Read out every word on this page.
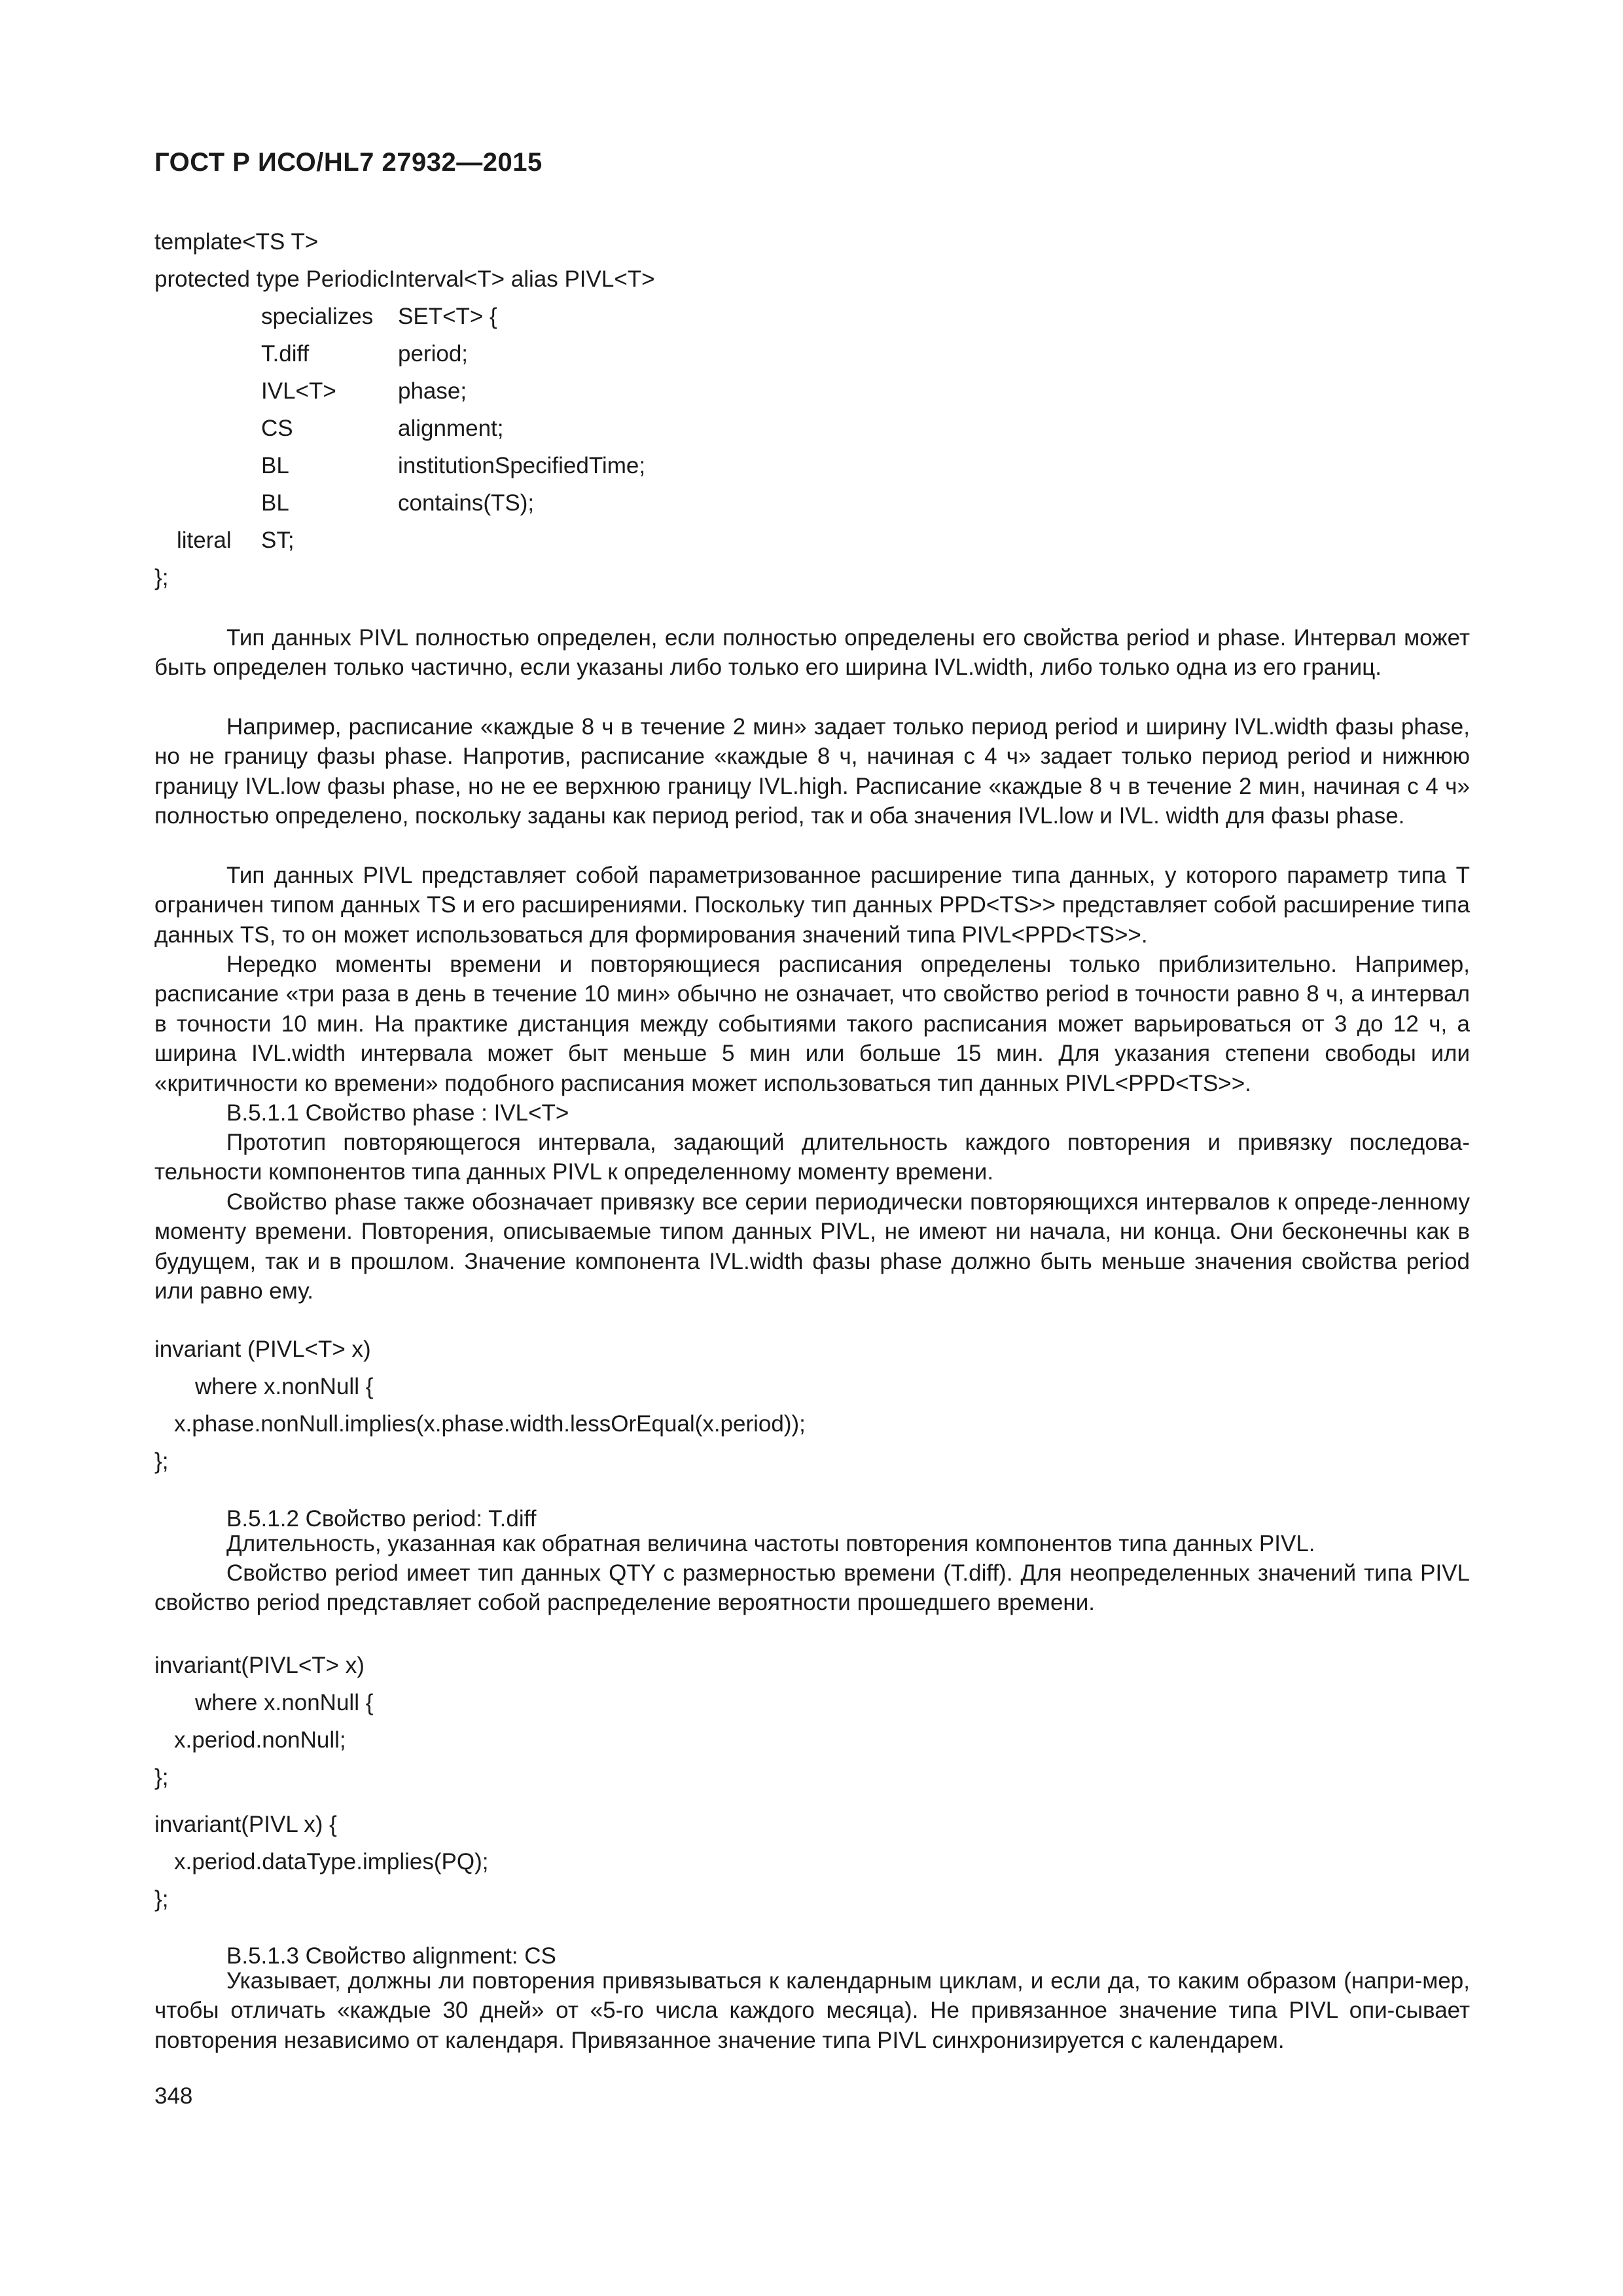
ГОСТ Р ИСО/HL7 27932—2015
template<TS T>
protected type PeriodicInterval<T> alias PIVL<T>
specializes SET<T> {
T.diff	period;
IVL<T>	phase;
CS	alignment;
BL	institutionSpecifiedTime;
BL	contains(TS);
literal ST;
};

Тип данных PIVL полностью определен, если полностью определены его свойства period и phase. Интервал может быть определен только частично, если указаны либо только его ширина IVL.width, либо только одна из его границ.

Например, расписание «каждые 8 ч в течение 2 мин» задает только период period и ширину IVL.width фазы phase, но не границу фазы phase. Напротив, расписание «каждые 8 ч, начиная с 4 ч» задает только период period и нижнюю границу IVL.low фазы phase, но не ее верхнюю границу IVL.high. Расписание «каждые 8 ч в течение 2 мин, начиная с 4 ч» полностью определено, поскольку заданы как период period, так и оба значения IVL.low и IVL. width для фазы phase.

Тип данных PIVL представляет собой параметризованное расширение типа данных, у которого параметр типа T ограничен типом данных TS и его расширениями. Поскольку тип данных PPD<TS>> представляет собой расширение типа данных TS, то он может использоваться для формирования значений типа PIVL<PPD<TS>>.

Нередко моменты времени и повторяющиеся расписания определены только приблизительно. Например, расписание «три раза в день в течение 10 мин» обычно не означает, что свойство period в точности равно 8 ч, а интервал в точности 10 мин. На практике дистанция между событиями такого расписания может варьироваться от 3 до 12 ч, а ширина IVL.width интервала может быт меньше 5 мин или больше 15 мин. Для указания степени свободы или «критичности ко времени» подобного расписания может использоваться тип данных PIVL<PPD<TS>>.

B.5.1.1 Свойство phase : IVL<T>

Прототип повторяющегося интервала, задающий длительность каждого повторения и привязку последова-тельности компонентов типа данных PIVL к определенному моменту времени.

Свойство phase также обозначает привязку все серии периодически повторяющихся интервалов к опреде-ленному моменту времени. Повторения, описываемые типом данных PIVL, не имеют ни начала, ни конца. Они бесконечны как в будущем, так и в прошлом. Значение компонента IVL.width фазы phase должно быть меньше значения свойства period или равно ему.

invariant (PIVL<T> x)
where x.nonNull {
x.phase.nonNull.implies(x.phase.width.lessOrEqual(x.period));
};
B.5.1.2 Свойство period: T.diff

Длительность, указанная как обратная величина частоты повторения компонентов типа данных PIVL.

Свойство period имеет тип данных QTY с размерностью времени (T.diff). Для неопределенных значений типа PIVL свойство period представляет собой распределение вероятности прошедшего времени.

invariant(PIVL<T> x)
where x.nonNull {
x.period.nonNull;
};
invariant(PIVL x) {
x.period.dataType.implies(PQ);
};
B.5.1.3 Свойство alignment: CS

Указывает, должны ли повторения привязываться к календарным циклам, и если да, то каким образом (напри-мер, чтобы отличать «каждые 30 дней» от «5-го числа каждого месяца). Не привязанное значение типа PIVL опи-сывает повторения независимо от календаря. Привязанное значение типа PIVL синхронизируется с календарем.

348
